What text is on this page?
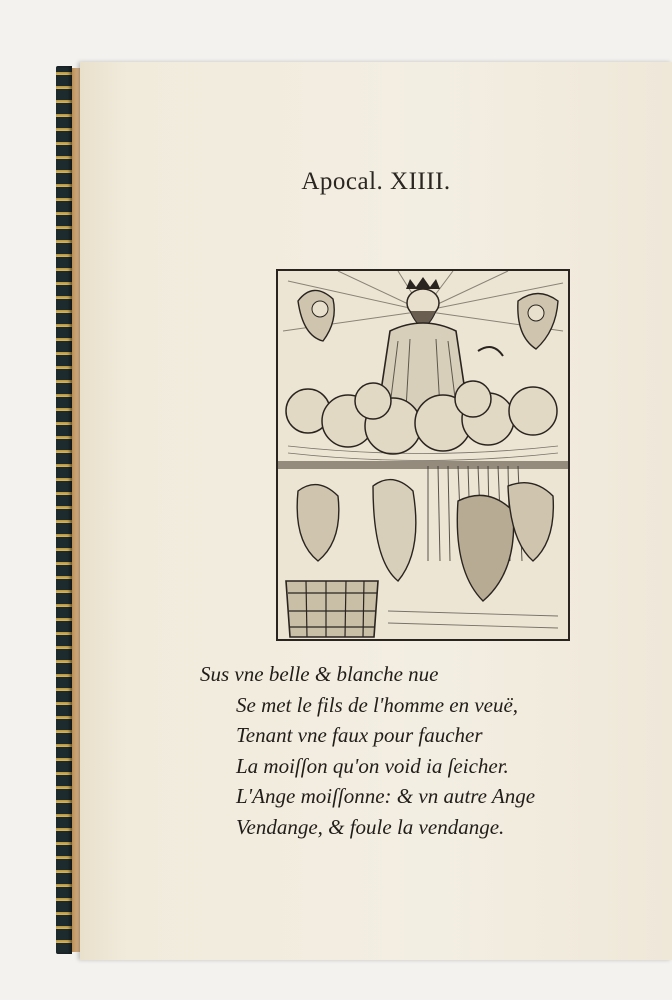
Apocal. XIIII.
Sus vne belle & blanche nue
Se met le fils de l'homme en veuë,
Tenant vne faux pour faucher
La moiſſon qu'on void ia ſeicher.
L'Ange moiſſonne: & vn autre Ange
Vendange, & foule la vendange.
